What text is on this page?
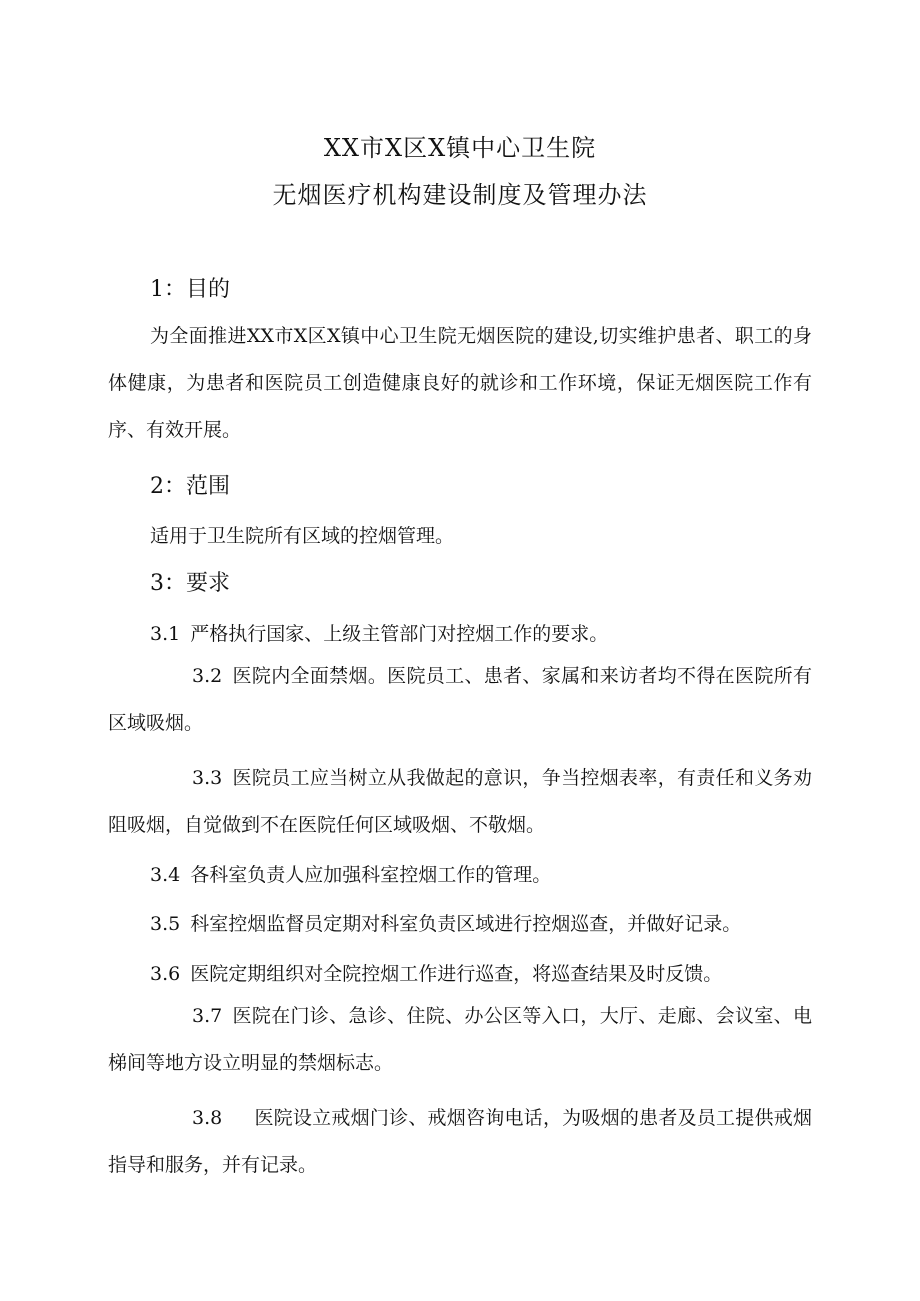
XX市X区X镇中心卫生院
无烟医疗机构建设制度及管理办法
1：目的

为全面推进XX市X区X镇中心卫生院无烟医院的建设,切实维护患者、职工的身体健康，为患者和医院员工创造健康良好的就诊和工作环境，保证无烟医院工作有序、有效开展。

2：范围
适用于卫生院所有区域的控烟管理。
3：要求
3.1 严格执行国家、上级主管部门对控烟工作的要求。

3.2 医院内全面禁烟。医院员工、患者、家属和来访者均不得在医院所有区域吸烟。

3.3 医院员工应当树立从我做起的意识，争当控烟表率，有责任和义务劝阻吸烟，自觉做到不在医院任何区域吸烟、不敬烟。

3.4 各科室负责人应加强科室控烟工作的管理。
3.5 科室控烟监督员定期对科室负责区域进行控烟巡查，并做好记录。
3.6 医院定期组织对全院控烟工作进行巡查，将巡查结果及时反馈。

3.7 医院在门诊、急诊、住院、办公区等入口，大厅、走廊、会议室、电梯间等地方设立明显的禁烟标志。

3.8 医院设立戒烟门诊、戒烟咨询电话，为吸烟的患者及员工提供戒烟指导和服务，并有记录。
